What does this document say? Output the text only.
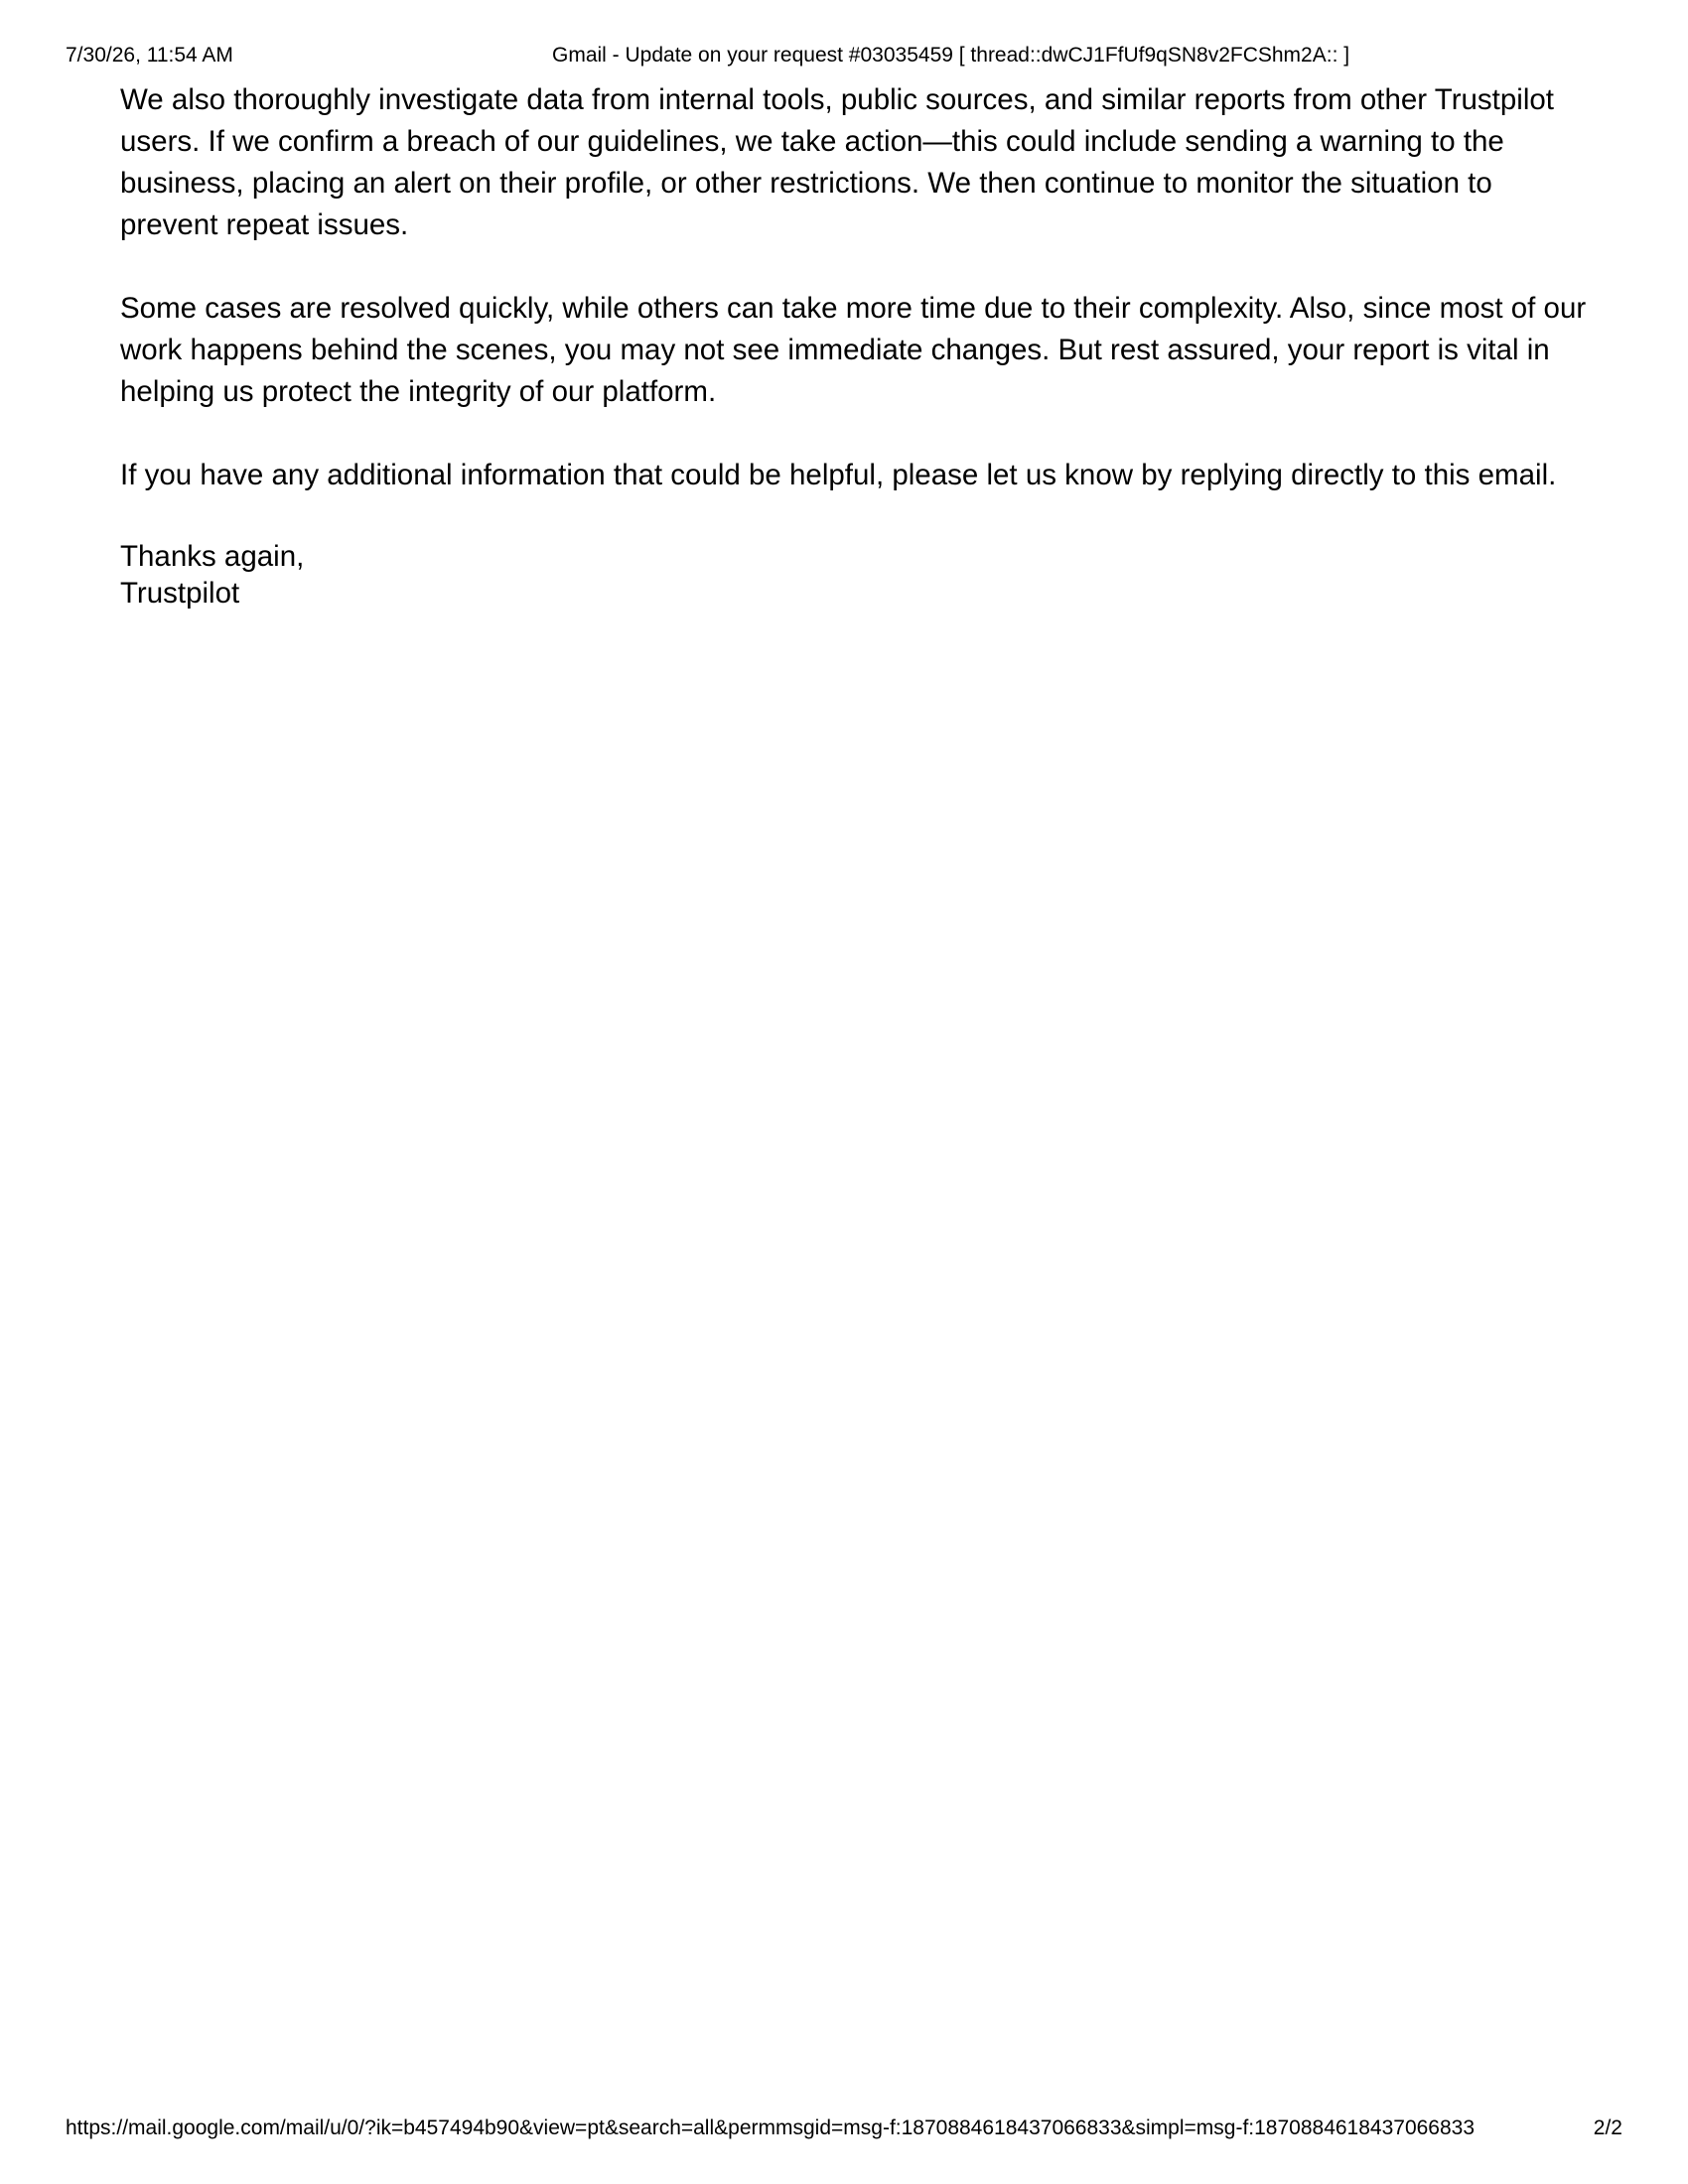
7/30/26, 11:54 AM	Gmail - Update on your request #03035459 [ thread::dwCJ1FfUf9qSN8v2FCShm2A:: ]

We also thoroughly investigate data from internal tools, public sources, and similar reports from other Trustpilot users. If we confirm a breach of our guidelines, we take action—this could include sending a warning to the business, placing an alert on their profile, or other restrictions. We then continue to monitor the situation to prevent repeat issues.

Some cases are resolved quickly, while others can take more time due to their complexity. Also, since most of our work happens behind the scenes, you may not see immediate changes. But rest assured, your report is vital in helping us protect the integrity of our platform.

If you have any additional information that could be helpful, please let us know by replying directly to this email.

Thanks again,
Trustpilot

https://mail.google.com/mail/u/0/?ik=b457494b90&view=pt&search=all&permmsgid=msg-f:1870884618437066833&simpl=msg-f:1870884618437066833	2/2
